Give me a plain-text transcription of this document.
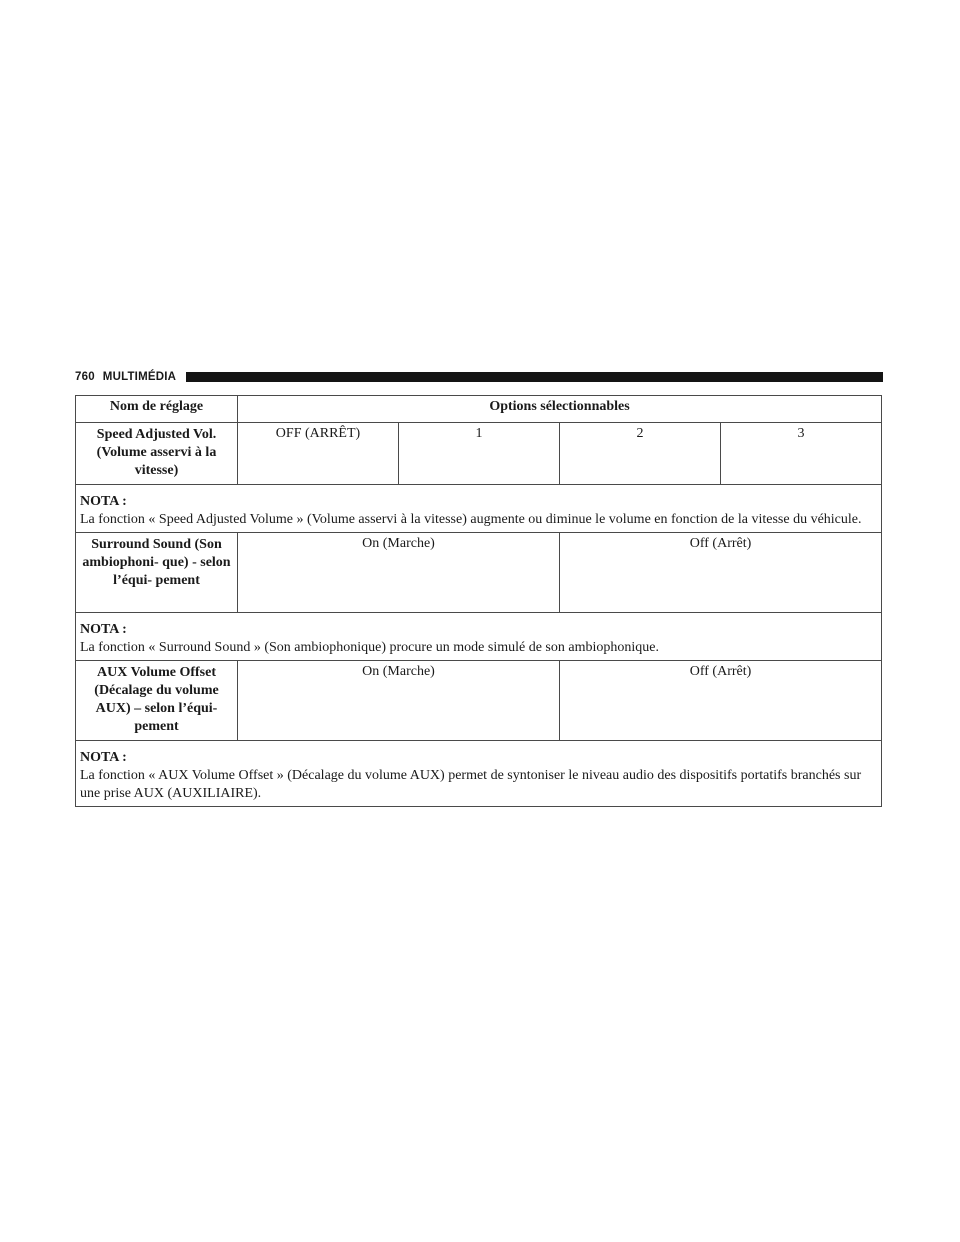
760 MULTIMÉDIA
Nom de réglage	Options sélectionnables			
Speed Adjusted Vol. (Volume asservi à la vitesse)	OFF (ARRÊT)	1	2	3

NOTA :
La fonction « Speed Adjusted Volume » (Volume asservi à la vitesse) augmente ou diminue le volume en fonction de la vitesse du véhicule.				
Surround Sound (Son ambiophoni- que) - selon l’équi- pement	On (Marche)		Off (Arrêt)	

NOTA :
La fonction « Surround Sound » (Son ambiophonique) procure un mode simulé de son ambiophonique.				
AUX Volume Offset (Décalage du volume AUX) – selon l’équi- pement	On (Marche)		Off (Arrêt)	

NOTA :
La fonction « AUX Volume Offset » (Décalage du volume AUX) permet de syntoniser le niveau audio des dispositifs portatifs branchés sur une prise AUX (AUXILIAIRE).				
